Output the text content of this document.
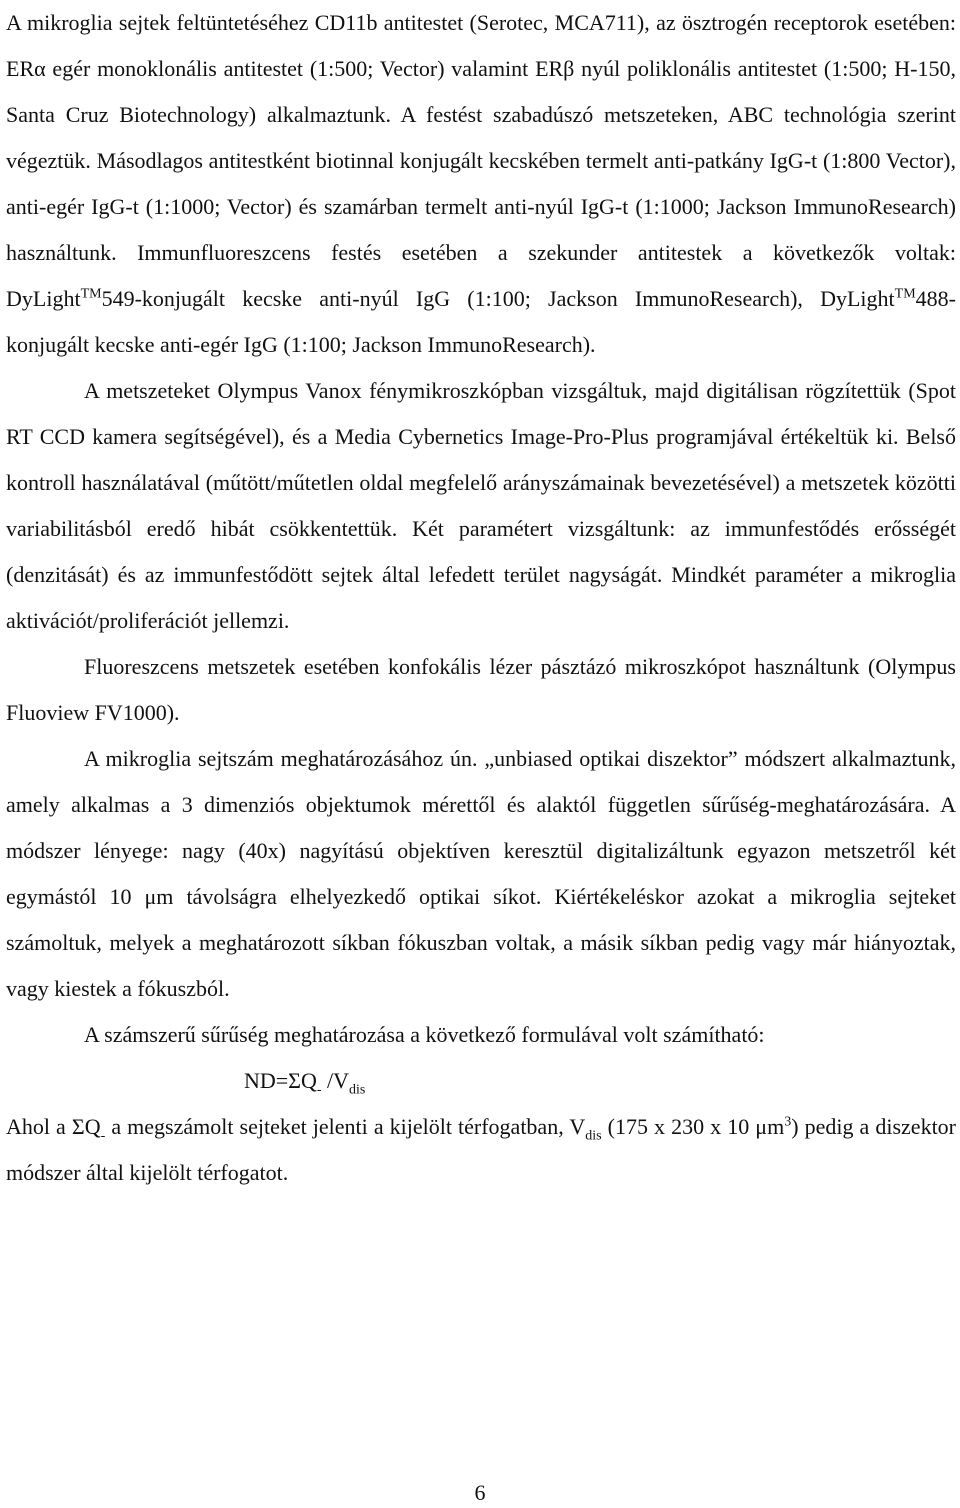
A mikroglia sejtek feltüntetéséhez CD11b antitestet (Serotec, MCA711), az ösztrogén receptorok esetében: ERα egér monoklonális antitestet (1:500; Vector) valamint ERβ nyúl poliklonális antitestet (1:500; H-150, Santa Cruz Biotechnology) alkalmaztunk. A festést szabadúszó metszeteken, ABC technológia szerint végeztük. Másodlagos antitestként biotinnal konjugált kecskében termelt anti-patkány IgG-t (1:800 Vector), anti-egér IgG-t (1:1000; Vector) és szamárban termelt anti-nyúl IgG-t (1:1000; Jackson ImmunoResearch) használtunk. Immunfluoreszcens festés esetében a szekunder antitestek a következők voltak: DyLight™549-konjugált kecske anti-nyúl IgG (1:100; Jackson ImmunoResearch), DyLight™488-konjugált kecske anti-egér IgG (1:100; Jackson ImmunoResearch).

A metszeteket Olympus Vanox fénymikroszkópban vizsgáltuk, majd digitálisan rögzítettük (Spot RT CCD kamera segítségével), és a Media Cybernetics Image-Pro-Plus programjával értékeltük ki. Belső kontroll használatával (műtött/műtetlen oldal megfelelő arányszámainak bevezetésével) a metszetek közötti variabilitásból eredő hibát csökkentettük. Két paramétert vizsgáltunk: az immunfestődés erősségét (denzitását) és az immunfestődött sejtek által lefedett terület nagyságát. Mindkét paraméter a mikroglia aktivációt/proliferációt jellemzi.

Fluoreszcens metszetek esetében konfokális lézer pásztázó mikroszkópot használtunk (Olympus Fluoview FV1000).

A mikroglia sejtszám meghatározásához ún. „unbiased optikai diszektor” módszert alkalmaztunk, amely alkalmas a 3 dimenziós objektumok mérettől és alaktól független sűrűség-meghatározására. A módszer lényege: nagy (40x) nagyítású objektíven keresztül digitalizáltunk egyazon metszetről két egymástól 10 μm távolságra elhelyezkedő optikai síkot. Kiértékeléskor azokat a mikroglia sejteket számoltuk, melyek a meghatározott síkban fókuszban voltak, a másik síkban pedig vagy már hiányoztak, vagy kiestek a fókuszból.

A számszerű sűrűség meghatározása a következő formulával volt számítható:

$ND=\Sigma Q_-$ $/V_{dis}$

Ahol a $\Sigma Q_-$ a megszámolt sejteket jelenti a kijelölt térfogatban, $V_{dis}$ (175 x 230 x 10 $\mu m^3$) pedig a diszektor módszer által kijelölt térfogatot.

6
